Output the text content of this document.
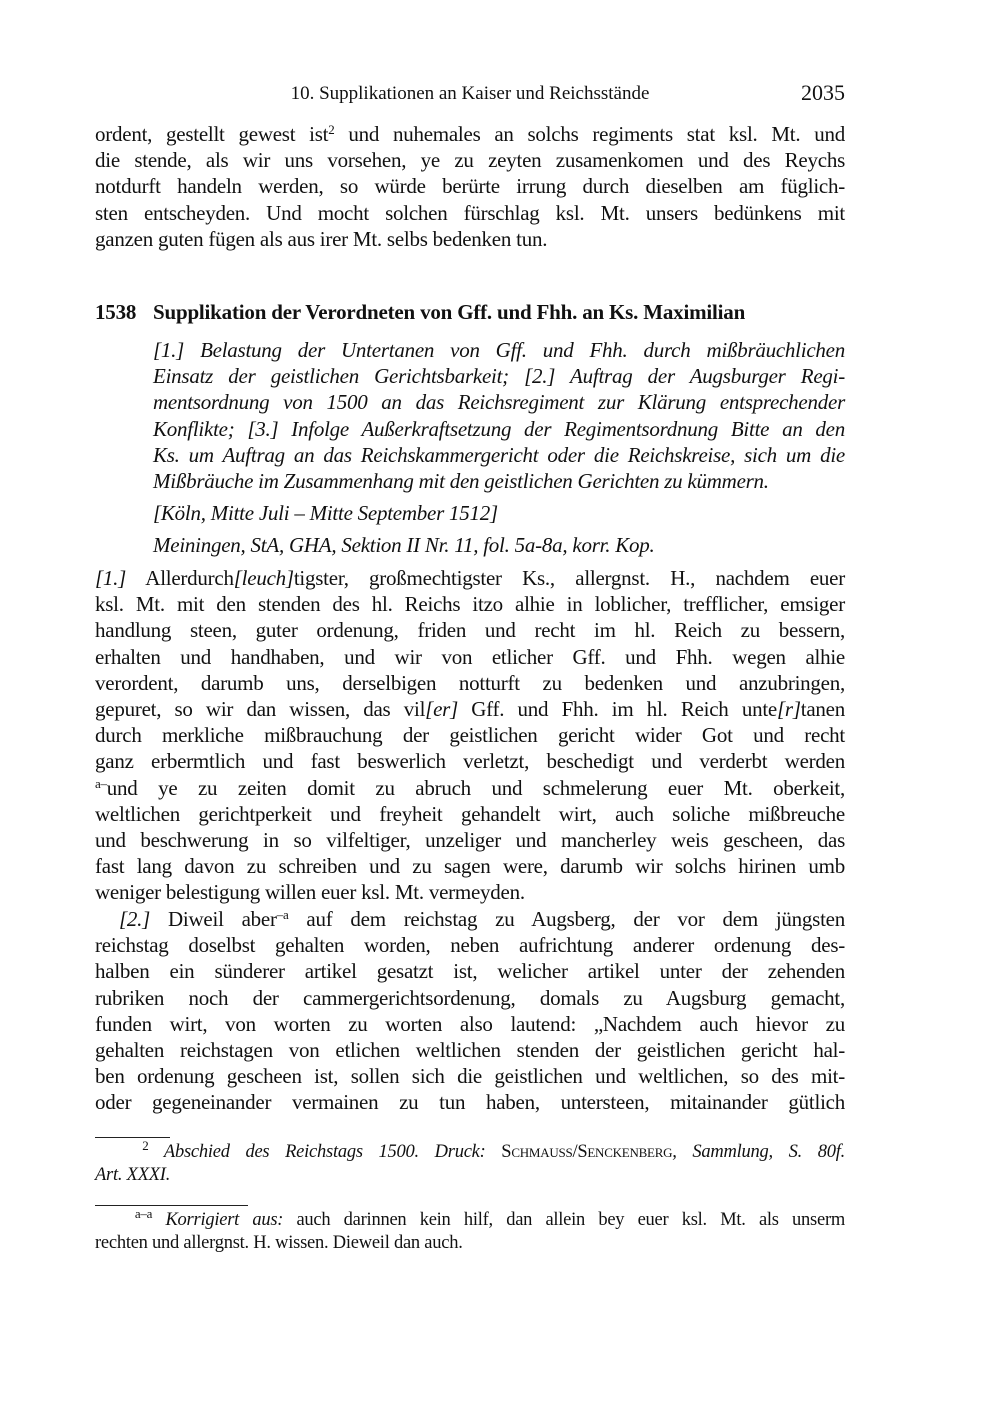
10. Supplikationen an Kaiser und Reichsstände	2035
ordent, gestellt gewest ist$^2$ und nuhemales an solchs regiments stat ksl. Mt. und
die stende, als wir uns vorsehen, ye zu zeyten zusamenkomen und des Reychs
notdurft handeln werden, so würde berürte irrung durch dieselben am füglich-
sten entscheyden. Und mocht solchen fürschlag ksl. Mt. unsers bedünkens mit
ganzen guten fügen als aus irer Mt. selbs bedenken tun.
1538 Supplikation der Verordneten von Gff. und Fhh. an Ks. Maximilian
[1.] Belastung der Untertanen von Gff. und Fhh. durch mißbräuchlichen
Einsatz der geistlichen Gerichtsbarkeit; [2.] Auftrag der Augsburger Regi-
mentsordnung von 1500 an das Reichsregiment zur Klärung entsprechender
Konflikte; [3.] Infolge Außerkraftsetzung der Regimentsordnung Bitte an den
Ks. um Auftrag an das Reichskammergericht oder die Reichskreise, sich um die
Mißbräuche im Zusammenhang mit den geistlichen Gerichten zu kümmern.
[Köln, Mitte Juli – Mitte September 1512]
Meiningen, StA, GHA, Sektion II Nr. 11, fol. 5a-8a, korr. Kop.
[1.] Allerdurch[leuch]tigster, großmechtigster Ks., allergnst. H., nachdem euer
ksl. Mt. mit den stenden des hl. Reichs itzo alhie in loblicher, trefflicher, emsiger
handlung steen, guter ordenung, friden und recht im hl. Reich zu bessern,
erhalten und handhaben, und wir von etlicher Gff. und Fhh. wegen alhie
verordent, darumb uns, derselbigen notturft zu bedenken und anzubringen,
gepuret, so wir dan wissen, das vil[er] Gff. und Fhh. im hl. Reich unte[r]tanen
durch merkliche mißbrauchung der geistlichen gericht wider Got und recht
ganz erbermtlich und fast beswerlich verletzt, beschedigt und verderbt werden
$^{a-}$und ye zu zeiten domit zu abruch und schmelerung euer Mt. oberkeit,
weltlichen gerichtperkeit und freyheit gehandelt wirt, auch soliche mißbreuche
und beschwerung in so vilfeltiger, unzeliger und mancherley weis gescheen, das
fast lang davon zu schreiben und zu sagen were, darumb wir solchs hirinen umb
weniger belestigung willen euer ksl. Mt. vermeyden.
[2.] Diweil aber$^{-a}$ auf dem reichstag zu Augsberg, der vor dem jüngsten
reichstag doselbst gehalten worden, neben aufrichtung anderer ordenung des-
halben ein sünderer artikel gesatzt ist, welicher artikel unter der zehenden
rubriken noch der cammergerichtsordenung, domals zu Augsburg gemacht,
funden wirt, von worten zu worten also lautend: „Nachdem auch hievor zu
gehalten reichstagen von etlichen weltlichen stenden der geistlichen gericht hal-
ben ordenung gescheen ist, sollen sich die geistlichen und weltlichen, so des mit-
oder gegeneinander vermainen zu tun haben, untersteen, mitainander gütlich
$^2$ Abschied des Reichstags 1500. Druck: Schmauss/Senckenberg, Sammlung, S. 80f.
Art. XXXI.
$^{a-a}$ Korrigiert aus: auch darinnen kein hilf, dan allein bey euer ksl. Mt. als unserm
rechten und allergnst. H. wissen. Dieweil dan auch.
